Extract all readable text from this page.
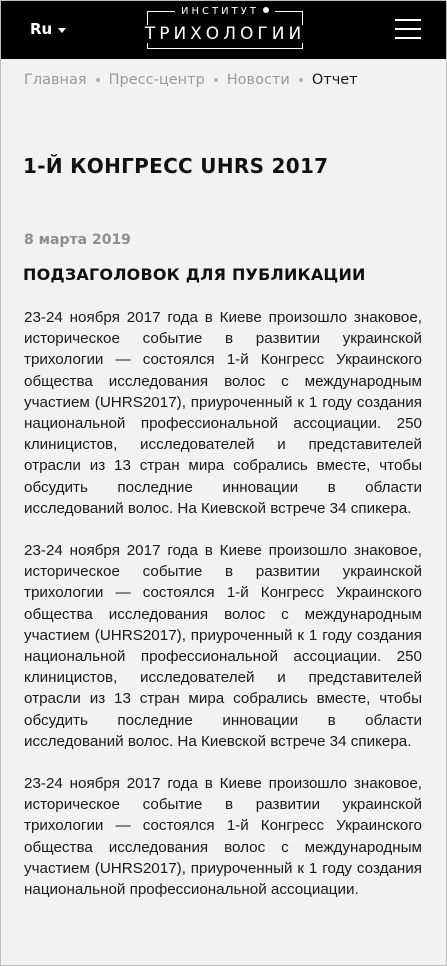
Ru
ИНСТИТУТ
ТРИХОЛОГИИ
Главная Пресс-центр Новости Отчет
1-Й КОНГРЕСС UHRS 2017
8 марта 2019
ПОДЗАГОЛОВОК ДЛЯ ПУБЛИКАЦИИ

23-24 ноября 2017 года в Киеве произошло знаковое, историческое событие в развитии украинской трихологии — состоялся 1-й Конгресс Украинского общества исследования волос с международным участием (UHRS2017), приуроченный к 1 году создания национальной профессиональной ассоциации. 250 клиницистов, исследователей и представителей отрасли из 13 стран мира собрались вместе, чтобы обсудить последние инновации в области исследований волос. На Киевской встрече 34 спикера.

23-24 ноября 2017 года в Киеве произошло знаковое, историческое событие в развитии украинской трихологии — состоялся 1-й Конгресс Украинского общества исследования волос с международным участием (UHRS2017), приуроченный к 1 году создания национальной профессиональной ассоциации. 250 клиницистов, исследователей и представителей отрасли из 13 стран мира собрались вместе, чтобы обсудить последние инновации в области исследований волос. На Киевской встрече 34 спикера.

23-24 ноября 2017 года в Киеве произошло знаковое, историческое событие в развитии украинской трихологии — состоялся 1-й Конгресс Украинского общества исследования волос с международным участием (UHRS2017), приуроченный к 1 году создания национальной профессиональной ассоциации.
